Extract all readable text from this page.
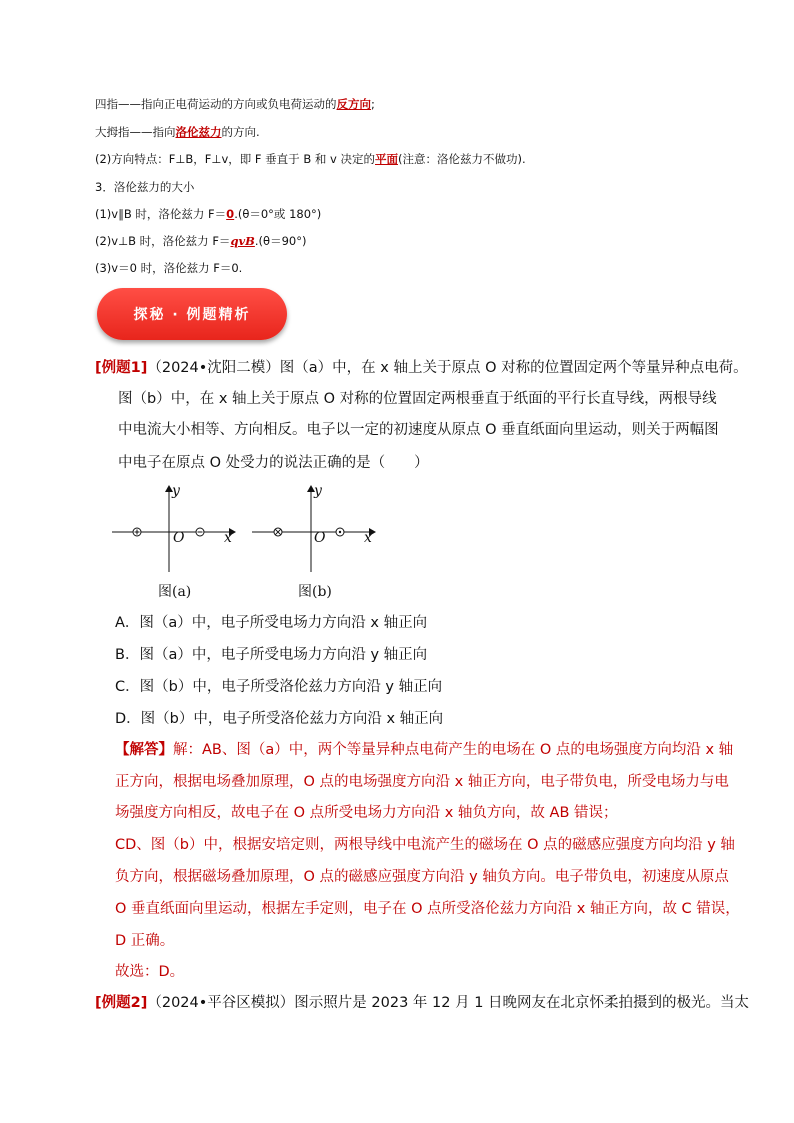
四指——指向正电荷运动的方向或负电荷运动的反方向;
大拇指——指向洛伦兹力的方向.
(2)方向特点：F⊥B，F⊥v，即 F 垂直于 B 和 v 决定的平面(注意：洛伦兹力不做功).
3．洛伦兹力的大小
(1)v∥B 时，洛伦兹力 F＝0.(θ＝0°或 180°)
(2)v⊥B 时，洛伦兹力 F＝qvB.(θ＝90°)
(3)v＝0 时，洛伦兹力 F＝0.
探秘 · 例题精析
[例题1]（2024•沈阳二模）图（a）中，在 x 轴上关于原点 O 对称的位置固定两个等量异种点电荷。
图（b）中，在 x 轴上关于原点 O 对称的位置固定两根垂直于纸面的平行长直导线，两根导线
中电流大小相等、方向相反。电子以一定的初速度从原点 O 垂直纸面向里运动，则关于两幅图
中电子在原点 O 处受力的说法正确的是（　　）
y
x
O
图(a)
y
x
O
图(b)
A．图（a）中，电子所受电场力方向沿 x 轴正向
B．图（a）中，电子所受电场力方向沿 y 轴正向
C．图（b）中，电子所受洛伦兹力方向沿 y 轴正向
D．图（b）中，电子所受洛伦兹力方向沿 x 轴正向
【解答】解：AB、图（a）中，两个等量异种点电荷产生的电场在 O 点的电场强度方向均沿 x 轴
正方向，根据电场叠加原理，O 点的电场强度方向沿 x 轴正方向，电子带负电，所受电场力与电
场强度方向相反，故电子在 O 点所受电场力方向沿 x 轴负方向，故 AB 错误；
CD、图（b）中，根据安培定则，两根导线中电流产生的磁场在 O 点的磁感应强度方向均沿 y 轴
负方向，根据磁场叠加原理，O 点的磁感应强度方向沿 y 轴负方向。电子带负电，初速度从原点
O 垂直纸面向里运动，根据左手定则，电子在 O 点所受洛伦兹力方向沿 x 轴正方向，故 C 错误，
D 正确。
故选：D。
[例题2]（2024•平谷区模拟）图示照片是 2023 年 12 月 1 日晚网友在北京怀柔拍摄到的极光。当太
